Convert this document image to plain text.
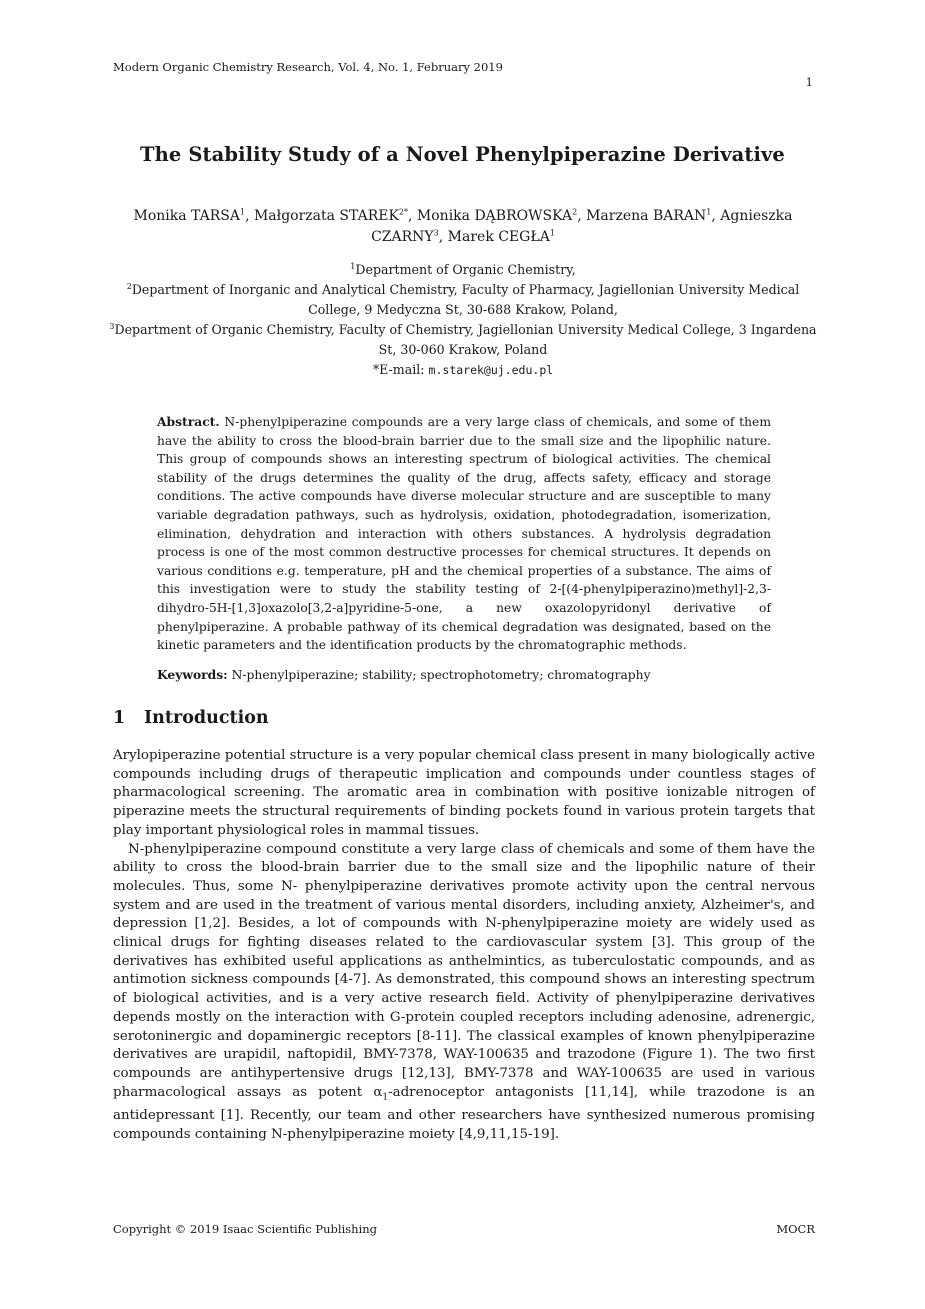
Modern Organic Chemistry Research, Vol. 4, No. 1, February 2019
1
The Stability Study of a Novel Phenylpiperazine Derivative
Monika TARSA$^1$, Małgorzata $STAREK^{2*}$, Monika DĄBROWSKA$^2$, Marzena BARAN$^1$, Agnieszka CZARNY$^3$, Marek CEGŁA$^1$
$^1$Department of Organic Chemistry,
$^2$Department of Inorganic and Analytical Chemistry, Faculty of Pharmacy, Jagiellonian University Medical College, 9 Medyczna St, 30-688 Krakow, Poland,
$^3$Department of Organic Chemistry, Faculty of Chemistry, Jagiellonian University Medical College, 3 Ingardena St, 30-060 Krakow, Poland
*E-mail: m.starek@uj.edu.pl
Abstract. N-phenylpiperazine compounds are a very large class of chemicals, and some of them have the ability to cross the blood-brain barrier due to the small size and the lipophilic nature. This group of compounds shows an interesting spectrum of biological activities. The chemical stability of the drugs determines the quality of the drug, affects safety, efficacy and storage conditions. The active compounds have diverse molecular structure and are susceptible to many variable degradation pathways, such as hydrolysis, oxidation, photodegradation, isomerization, elimination, dehydration and interaction with others substances. A hydrolysis degradation process is one of the most common destructive processes for chemical structures. It depends on various conditions e.g. temperature, pH and the chemical properties of a substance. The aims of this investigation were to study the stability testing of 2-[(4-phenylpiperazino)methyl]-2,3-dihydro-5H-[1,3]oxazolo[3,2-a]pyridine-5-one, a new oxazolopyridonyl derivative of phenylpiperazine. A probable pathway of its chemical degradation was designated, based on the kinetic parameters and the identification products by the chromatographic methods.
Keywords: N-phenylpiperazine; stability; spectrophotometry; chromatography
1 Introduction

Arylopiperazine potential structure is a very popular chemical class present in many biologically active compounds including drugs of therapeutic implication and compounds under countless stages of pharmacological screening. The aromatic area in combination with positive ionizable nitrogen of piperazine meets the structural requirements of binding pockets found in various protein targets that play important physiological roles in mammal tissues.

N-phenylpiperazine compound constitute a very large class of chemicals and some of them have the ability to cross the blood-brain barrier due to the small size and the lipophilic nature of their molecules. Thus, some N- phenylpiperazine derivatives promote activity upon the central nervous system and are used in the treatment of various mental disorders, including anxiety, Alzheimer's, and depression [1,2]. Besides, a lot of compounds with N-phenylpiperazine moiety are widely used as clinical drugs for fighting diseases related to the cardiovascular system [3]. This group of the derivatives has exhibited useful applications as anthelmintics, as tuberculostatic compounds, and as antimotion sickness compounds [4-7]. As demonstrated, this compound shows an interesting spectrum of biological activities, and is a very active research field. Activity of phenylpiperazine derivatives depends mostly on the interaction with G-protein coupled receptors including adenosine, adrenergic, serotoninergic and dopaminergic receptors [8-11]. The classical examples of known phenylpiperazine derivatives are urapidil, naftopidil, BMY-7378, WAY-100635 and trazodone (Figure 1). The two first compounds are antihypertensive drugs [12,13], BMY-7378 and WAY-100635 are used in various pharmacological assays as potent $\alpha_1$-adrenoceptor antagonists [11,14], while trazodone is an antidepressant [1]. Recently, our team and other researchers have synthesized numerous promising compounds containing N-phenylpiperazine moiety [4,9,11,15-19].

Copyright © 2019 Isaac Scientific Publishing	MOCR
